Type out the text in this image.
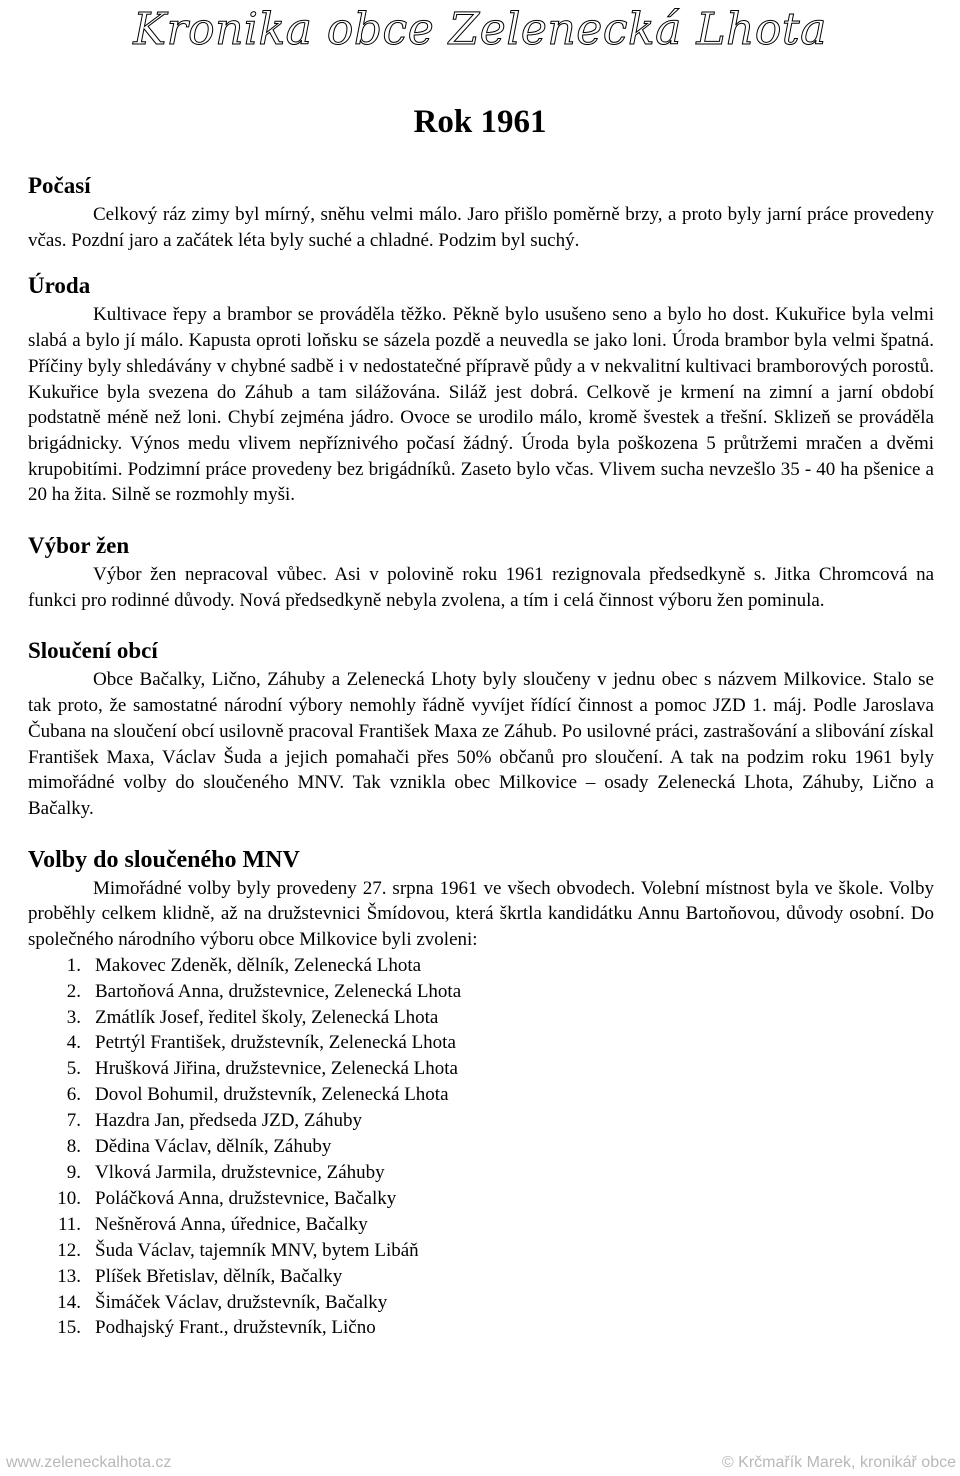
Kronika obce Zelenecká Lhota
Rok 1961
Počasí

Celkový ráz zimy byl mírný, sněhu velmi málo. Jaro přišlo poměrně brzy, a proto byly jarní práce provedeny včas. Pozdní jaro a začátek léta byly suché a chladné. Podzim byl suchý.

Úroda

Kultivace řepy a brambor se prováděla těžko. Pěkně bylo usušeno seno a bylo ho dost. Kukuřice byla velmi slabá a bylo jí málo. Kapusta oproti loňsku se sázela pozdě a neuvedla se jako loni. Úroda brambor byla velmi špatná. Příčiny byly shledávány v chybné sadbě i v nedostatečné přípravě půdy a v nekvalitní kultivaci bramborových porostů. Kukuřice byla svezena do Záhub a tam silážována. Siláž jest dobrá. Celkově je krmení na zimní a jarní období podstatně méně než loni. Chybí zejména jádro. Ovoce se urodilo málo, kromě švestek a třešní. Sklizeň se prováděla brigádnicky. Výnos medu vlivem nepříznivého počasí žádný. Úroda byla poškozena 5 průtržemi mračen a dvěmi krupobitími. Podzimní práce provedeny bez brigádníků. Zaseto bylo včas. Vlivem sucha nevzešlo 35 - 40 ha pšenice a 20 ha žita. Silně se rozmohly myši.

Výbor žen

Výbor žen nepracoval vůbec. Asi v polovině roku 1961 rezignovala předsedkyně s. Jitka Chromcová na funkci pro rodinné důvody. Nová předsedkyně nebyla zvolena, a tím i celá činnost výboru žen pominula.

Sloučení obcí

Obce Bačalky, Lično, Záhuby a Zelenecká Lhoty byly sloučeny v jednu obec s názvem Milkovice. Stalo se tak proto, že samostatné národní výbory nemohly řádně vyvíjet řídící činnost a pomoc JZD 1. máj. Podle Jaroslava Čubana na sloučení obcí usilovně pracoval František Maxa ze Záhub. Po usilovné práci, zastrašování a slibování získal František Maxa, Václav Šuda a jejich pomahači přes 50% občanů pro sloučení. A tak na podzim roku 1961 byly mimořádné volby do sloučeného MNV. Tak vznikla obec Milkovice – osady Zelenecká Lhota, Záhuby, Lično a Bačalky.

Volby do sloučeného MNV

Mimořádné volby byly provedeny 27. srpna 1961 ve všech obvodech. Volební místnost byla ve škole. Volby proběhly celkem klidně, až na družstevnici Šmídovou, která škrtla kandidátku Annu Bartoňovou, důvody osobní. Do společného národního výboru obce Milkovice byli zvoleni:

1. Makovec Zdeněk, dělník, Zelenecká Lhota
2. Bartoňová Anna, družstevnice, Zelenecká Lhota
3. Zmátlík Josef, ředitel školy, Zelenecká Lhota
4. Petrtýl František, družstevník, Zelenecká Lhota
5. Hrušková Jiřina, družstevnice, Zelenecká Lhota
6. Dovol Bohumil, družstevník, Zelenecká Lhota
7. Hazdra Jan, předseda JZD, Záhuby
8. Dědina Václav, dělník, Záhuby
9. Vlková Jarmila, družstevnice, Záhuby
10. Poláčková Anna, družstevnice, Bačalky
11. Nešněrová Anna, úřednice, Bačalky
12. Šuda Václav, tajemník MNV, bytem Libáň
13. Plíšek Břetislav, dělník, Bačalky
14. Šimáček Václav, družstevník, Bačalky
15. Podhajský Frant., družstevník, Lično
www.zeleneckalhota.cz	© Krčmařík Marek, kronikář obce
